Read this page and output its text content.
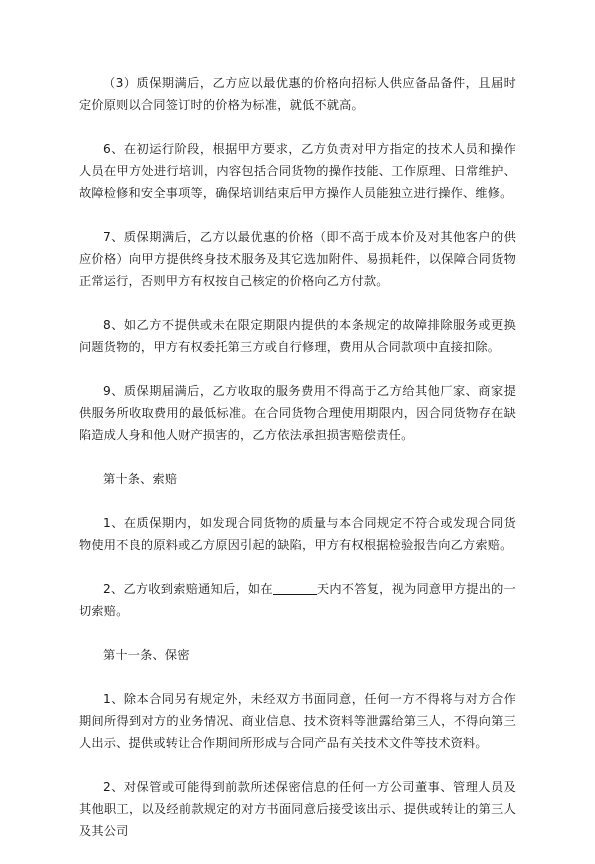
（3）质保期满后，乙方应以最优惠的价格向招标人供应备品备件，且届时定价原则以合同签订时的价格为标准，就低不就高。

6、在初运行阶段，根据甲方要求，乙方负责对甲方指定的技术人员和操作人员在甲方处进行培训，内容包括合同货物的操作技能、工作原理、日常维护、故障检修和安全事项等，确保培训结束后甲方操作人员能独立进行操作、维修。

7、质保期满后，乙方以最优惠的价格（即不高于成本价及对其他客户的供应价格）向甲方提供终身技术服务及其它选加附件、易损耗件，以保障合同货物正常运行，否则甲方有权按自己核定的价格向乙方付款。

8、如乙方不提供或未在限定期限内提供的本条规定的故障排除服务或更换问题货物的，甲方有权委托第三方或自行修理，费用从合同款项中直接扣除。

9、质保期届满后，乙方收取的服务费用不得高于乙方给其他厂家、商家提供服务所收取费用的最低标准。在合同货物合理使用期限内，因合同货物存在缺陷造成人身和他人财产损害的，乙方依法承担损害赔偿责任。

第十条、索赔

1、在质保期内，如发现合同货物的质量与本合同规定不符合或发现合同货物使用不良的原料或乙方原因引起的缺陷，甲方有权根据检验报告向乙方索赔。

2、乙方收到索赔通知后，如在	天内不答复，视为同意甲方提出的一切索赔。

第十一条、保密

1、除本合同另有规定外，未经双方书面同意，任何一方不得将与对方合作期间所得到对方的业务情况、商业信息、技术资料等泄露给第三人，不得向第三人出示、提供或转让合作期间所形成与合同产品有关技术文件等技术资料。

2、对保管或可能得到前款所述保密信息的任何一方公司董事、管理人员及其他职工，以及经前款规定的对方书面同意后接受该出示、提供或转让的第三人及其公司
